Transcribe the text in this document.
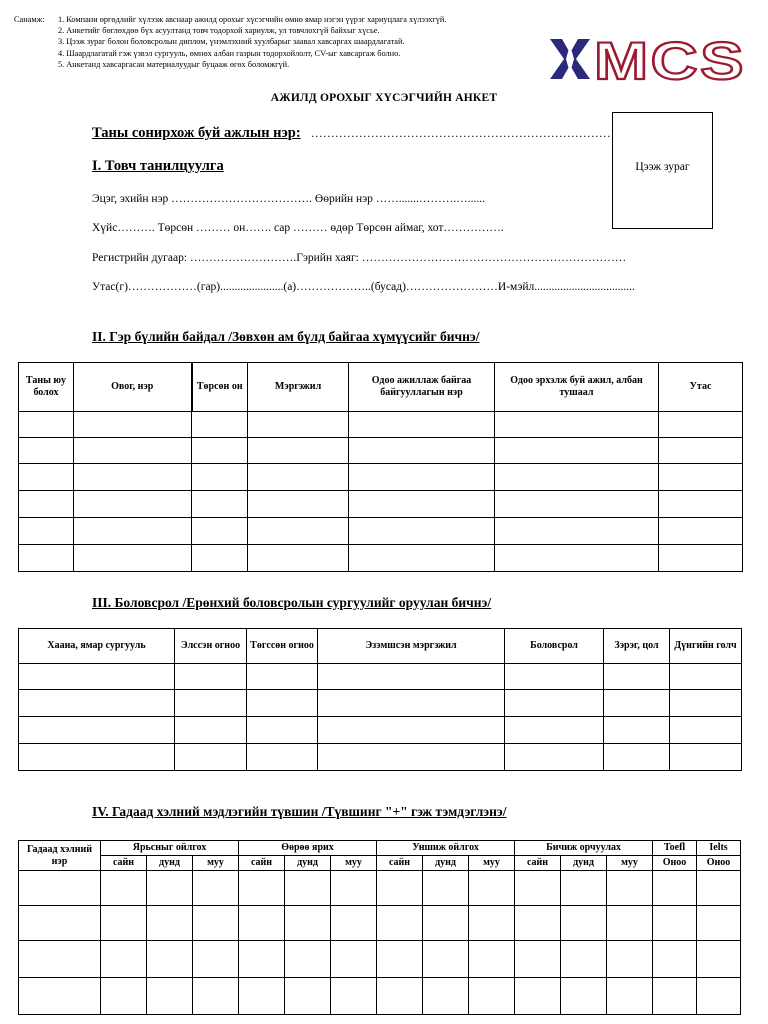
Санамж: 1. Компани өргөдлийг хүлээж авснаар ажилд орохыг хүсэгчийн өмнө ямар нэгэн үүрэг хариуцлага хүлээхгүй.
2. Анкетийг бөглөхдөө бүх асуултанд товч тодорхой хариулж, ул товчлохгүй байхыг хүсье.
3. Цээж зураг болон боловсролын диплом, үнэмлэхний хуулбарыг заавал хавсаргах шаардлагатай.
4. Шаардлагатай гэж үзвэл сургууль, өмнөх албан газрын тодорхойлолт, CV-ыг хавсаргаж болно.
5. Анкетанд хавсаргасан материалуудыг буцааж өгөх боломжгүй.	MCS
АЖИЛД ОРОХЫГ ХҮСЭГЧИЙН АНКЕТ
Цээж зураг
Таны сонирхож буй ажлын нэр: …………………………………………………………………
I. Товч танилцуулга
Эцэг, эхийн нэр ………………………………. Өөрийн нэр …….......……….…......
Хүйс………. Төрсөн ……… он……. сар ……… өдөр Төрсөн аймаг, хот…………….
Регистрийн дугаар: ……………………….Гэрийн хаяг: ……………………………………………………………
Утас(г)………………(гар)......................(а)………………..(бусад)……………………И-мэйл...................................
II. Гэр бүлийн байдал /Зөвхөн ам бүлд байгаа хүмүүсийг бичнэ/
Таны юу болох	Овог, нэр	Төрсөн он	Мэргэжил	Одоо ажиллаж байгаа байгууллагын нэр	Одоо эрхэлж буй ажил, албан тушаал	Утас

III. Боловсрол /Ерөнхий боловсролын сургуулийг оруулан бичнэ/
Хаана, ямар сургууль	Элссэн огноо	Төгссөн огноо	Эзэмшсэн мэргэжил	Боловсрол	Зэрэг, цол	Дүнгийн голч

IV. Гадаад хэлний мэдлэгийн түвшин /Түвшинг "+" гэж тэмдэглэнэ/
Гадаад хэлний нэр	Ярьсныг ойлгох			Өөрөө ярих			Уншиж ойлгох			Бичиж орчуулах			Toefl	Ielts
	сайн	дунд	муу	сайн	дунд	муу	сайн	дунд	муу	сайн	дунд	муу	Оноо	Оноо
